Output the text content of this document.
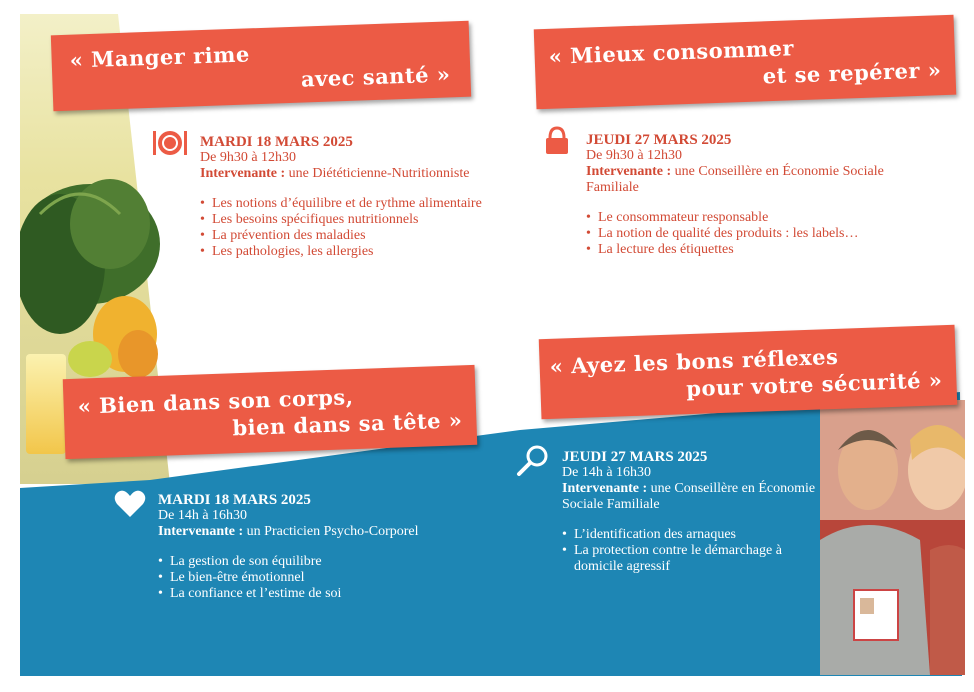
« Manger rime
avec santé »
MARDI 18 MARS 2025
De 9h30 à 12h30
Intervenante : une Diététicienne-Nutritionniste
• Les notions d’équilibre et de rythme alimentaire
• Les besoins spécifiques nutritionnels
• La prévention des maladies
• Les pathologies, les allergies
« Mieux consommer
et se repérer »
JEUDI 27 MARS 2025
De 9h30 à 12h30
Intervenante : une Conseillère en Économie Sociale Familiale
• Le consommateur responsable
• La notion de qualité des produits : les labels…
• La lecture des étiquettes
« Bien dans son corps,
bien dans sa tête »
MARDI 18 MARS 2025
De 14h à 16h30
Intervenante : un Practicien Psycho-Corporel
• La gestion de son équilibre
• Le bien-être émotionnel
• La confiance et l’estime de soi
« Ayez les bons réflexes
pour votre sécurité »
JEUDI 27 MARS 2025
De 14h à 16h30
Intervenante : une Conseillère en Économie Sociale Familiale
• L’identification des arnaques
• La protection contre le démarchage à domicile agressif
